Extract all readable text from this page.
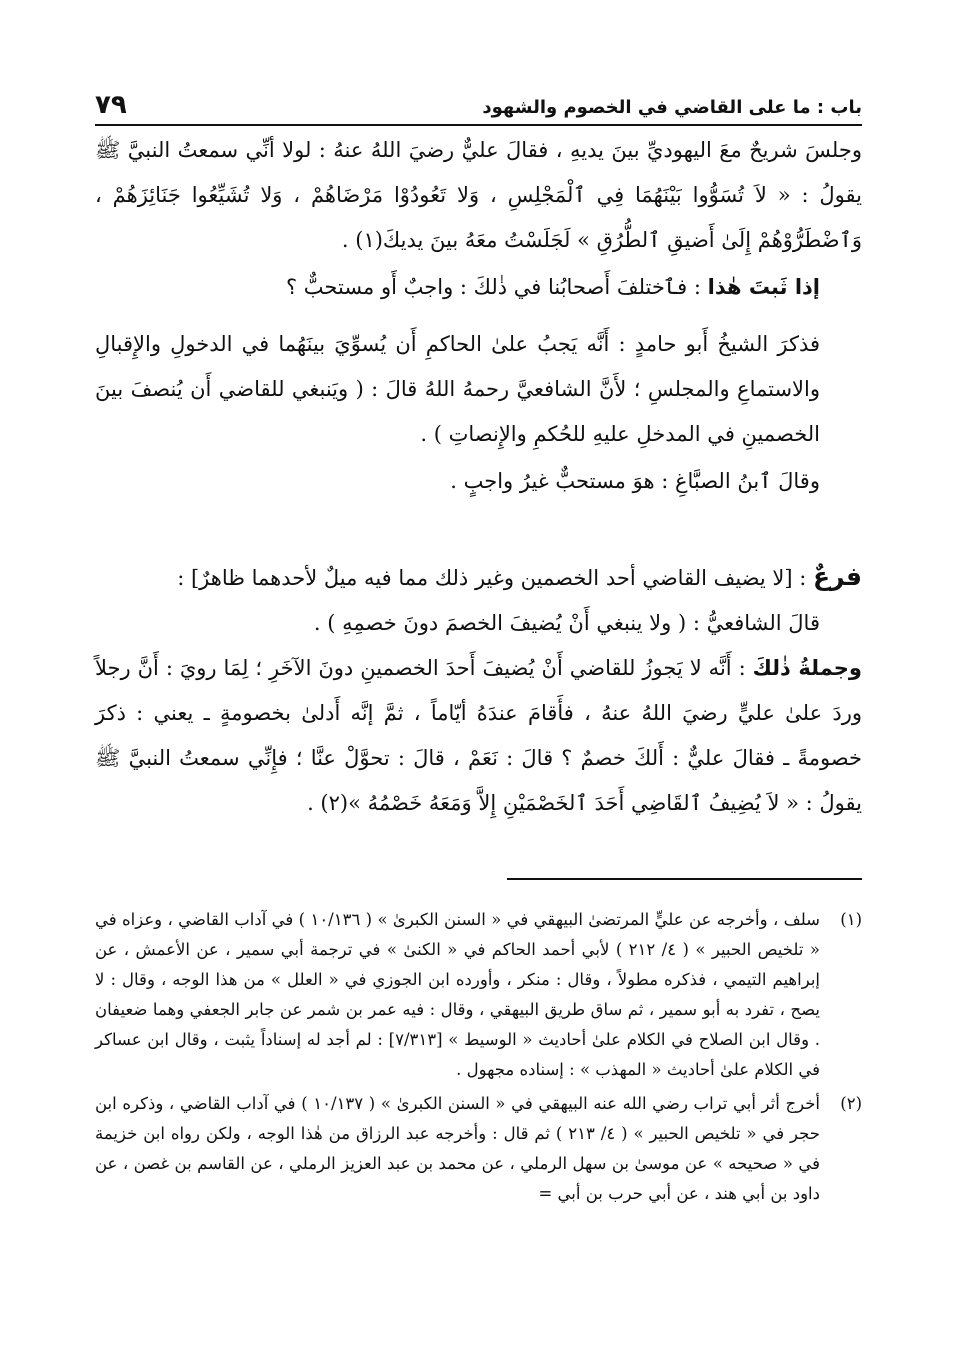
باب : ما على القاضي في الخصوم والشهود
٧٩

وجلسَ شريحٌ معَ اليهوديِّ بينَ يديهِ ، فقالَ عليٌّ رضيَ اللهُ عنهُ : لولا أنِّي سمعتُ النبيَّ ﷺ يقولُ : « لاَ تُسَوُّوا بَيْنَهُمَا فِي ٱلْمَجْلِسِ ، وَلا تَعُودُوْا مَرْضَاهُمْ ، وَلا تُشَيِّعُوا جَنَائِزَهُمْ ، وَٱضْطَرُّوْهُمْ إِلَىٰ أَضيقِ ٱلطُّرُقِ » لَجَلَسْتُ معَهُ بينَ يديكَ(١) .

إذا ثَبتَ هٰذا : فٱختلفَ أَصحابُنا في ذٰلكَ : واجبٌ أَو مستحبٌّ ؟

فذكرَ الشيخُ أَبو حامدٍ : أَنَّه يَجبُ علىٰ الحاكمِ أَن يُسوِّيَ بينَهُما في الدخولِ والإِقبالِ والاستماعِ والمجلسِ ؛ لأَنَّ الشافعيَّ رحمهُ اللهُ قالَ : ( ويَنبغي للقاضي أَن يُنصفَ بينَ الخصمينِ في المدخلِ عليهِ للحُكمِ والإِنصاتِ ) .

وقالَ ٱبنُ الصبَّاغِ : هوَ مستحبٌّ غيرُ واجبٍ .

فرعٌ : [لا يضيف القاضي أحد الخصمين وغير ذلك مما فيه ميلٌ لأحدهما ظاهرٌ] :

قالَ الشافعيُّ : ( ولا ينبغي أَنْ يُضيفَ الخصمَ دونَ خصمِهِ ) .

وجملةُ ذٰلكَ : أَنَّه لا يَجوزُ للقاضي أَنْ يُضيفَ أَحدَ الخصمينِ دونَ الآخَرِ ؛ لِمَا رويَ : أَنَّ رجلاً وردَ علىٰ عليٍّ رضيَ اللهُ عنهُ ، فأَقامَ عندَهُ أيّاماً ، ثمَّ إنَّه أَدلىٰ بخصومةٍ ـ يعني : ذكرَ خصومةً ـ فقالَ عليٌّ : أَلكَ خصمٌ ؟ قالَ : نَعَمْ ، قالَ : تحوَّلْ عنَّا ؛ فإِنِّي سمعتُ النبيَّ ﷺ يقولُ : « لاَ يُضِيفُ ٱلقَاضِي أَحَدَ ٱلخَصْمَيْنِ إِلاَّ وَمَعَهُ خَصْمُهُ »(٢) .

(١)
سلف ، وأخرجه عن عليٍّ المرتضىٰ البيهقي في « السنن الكبرىٰ » ( ١٠/١٣٦ ) في آداب القاضي ، وعزاه في « تلخيص الحبير » ( ٤/ ٢١٢ ) لأبي أحمد الحاكم في « الكنىٰ » في ترجمة أبي سمير ، عن الأعمش ، عن إبراهيم التيمي ، فذكره مطولاً ، وقال : منكر ، وأورده ابن الجوزي في « العلل » من هذا الوجه ، وقال : لا يصح ، تفرد به أبو سمير ، ثم ساق طريق البيهقي ، وقال : فيه عمر بن شمر عن جابر الجعفي وهما ضعيفان . وقال ابن الصلاح في الكلام علىٰ أحاديث « الوسيط » [٧/٣١٣] : لم أجد له إسناداً يثبت ، وقال ابن عساكر في الكلام علىٰ أحاديث « المهذب » : إسناده مجهول .
(٢)
أخرج أثر أبي تراب رضي الله عنه البيهقي في « السنن الكبرىٰ » ( ١٠/١٣٧ ) في آداب القاضي ، وذكره ابن حجر في « تلخيص الحبير » ( ٤/ ٢١٣ ) ثم قال : وأخرجه عبد الرزاق من هٰذا الوجه ، ولكن رواه ابن خزيمة في « صحيحه » عن موسىٰ بن سهل الرملي ، عن محمد بن عبد العزيز الرملي ، عن القاسم بن غصن ، عن داود بن أبي هند ، عن أبي حرب بن أبي =
